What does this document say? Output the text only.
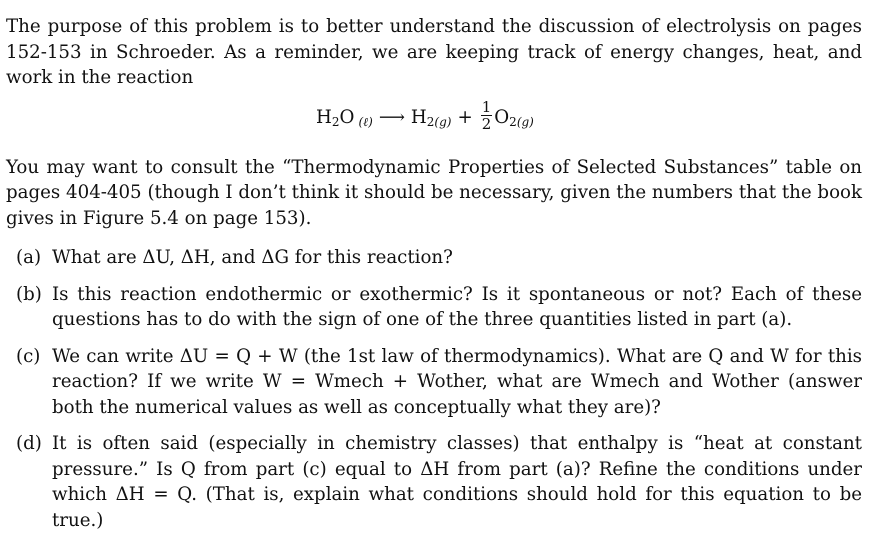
The purpose of this problem is to better understand the discussion of electrolysis on pages 152-153 in Schroeder. As a reminder, we are keeping track of energy changes, heat, and work in the reaction

H 2 O (ℓ) ⟶ H 2 $(g) + \frac{1}{2}$ O 2 (g)

You may want to consult the “Thermodynamic Properties of Selected Substances” table on pages 404-405 (though I don’t think it should be necessary, given the numbers that the book gives in Figure 5.4 on page 153).

(a) What are ΔU, ΔH, and ΔG for this reaction?
(b) Is this reaction endothermic or exothermic? Is it spontaneous or not? Each of these questions has to do with the sign of one of the three quantities listed in part (a).
(c) We can write ΔU = Q + W (the 1st law of thermodynamics). What are Q and W for this reaction? If we write W = Wmech + Wother, what are Wmech and Wother (answer both the numerical values as well as conceptually what they are)?
(d) It is often said (especially in chemistry classes) that enthalpy is “heat at constant pressure.” Is Q from part (c) equal to ΔH from part (a)? Refine the conditions under which ΔH = Q. (That is, explain what conditions should hold for this equation to be true.)
